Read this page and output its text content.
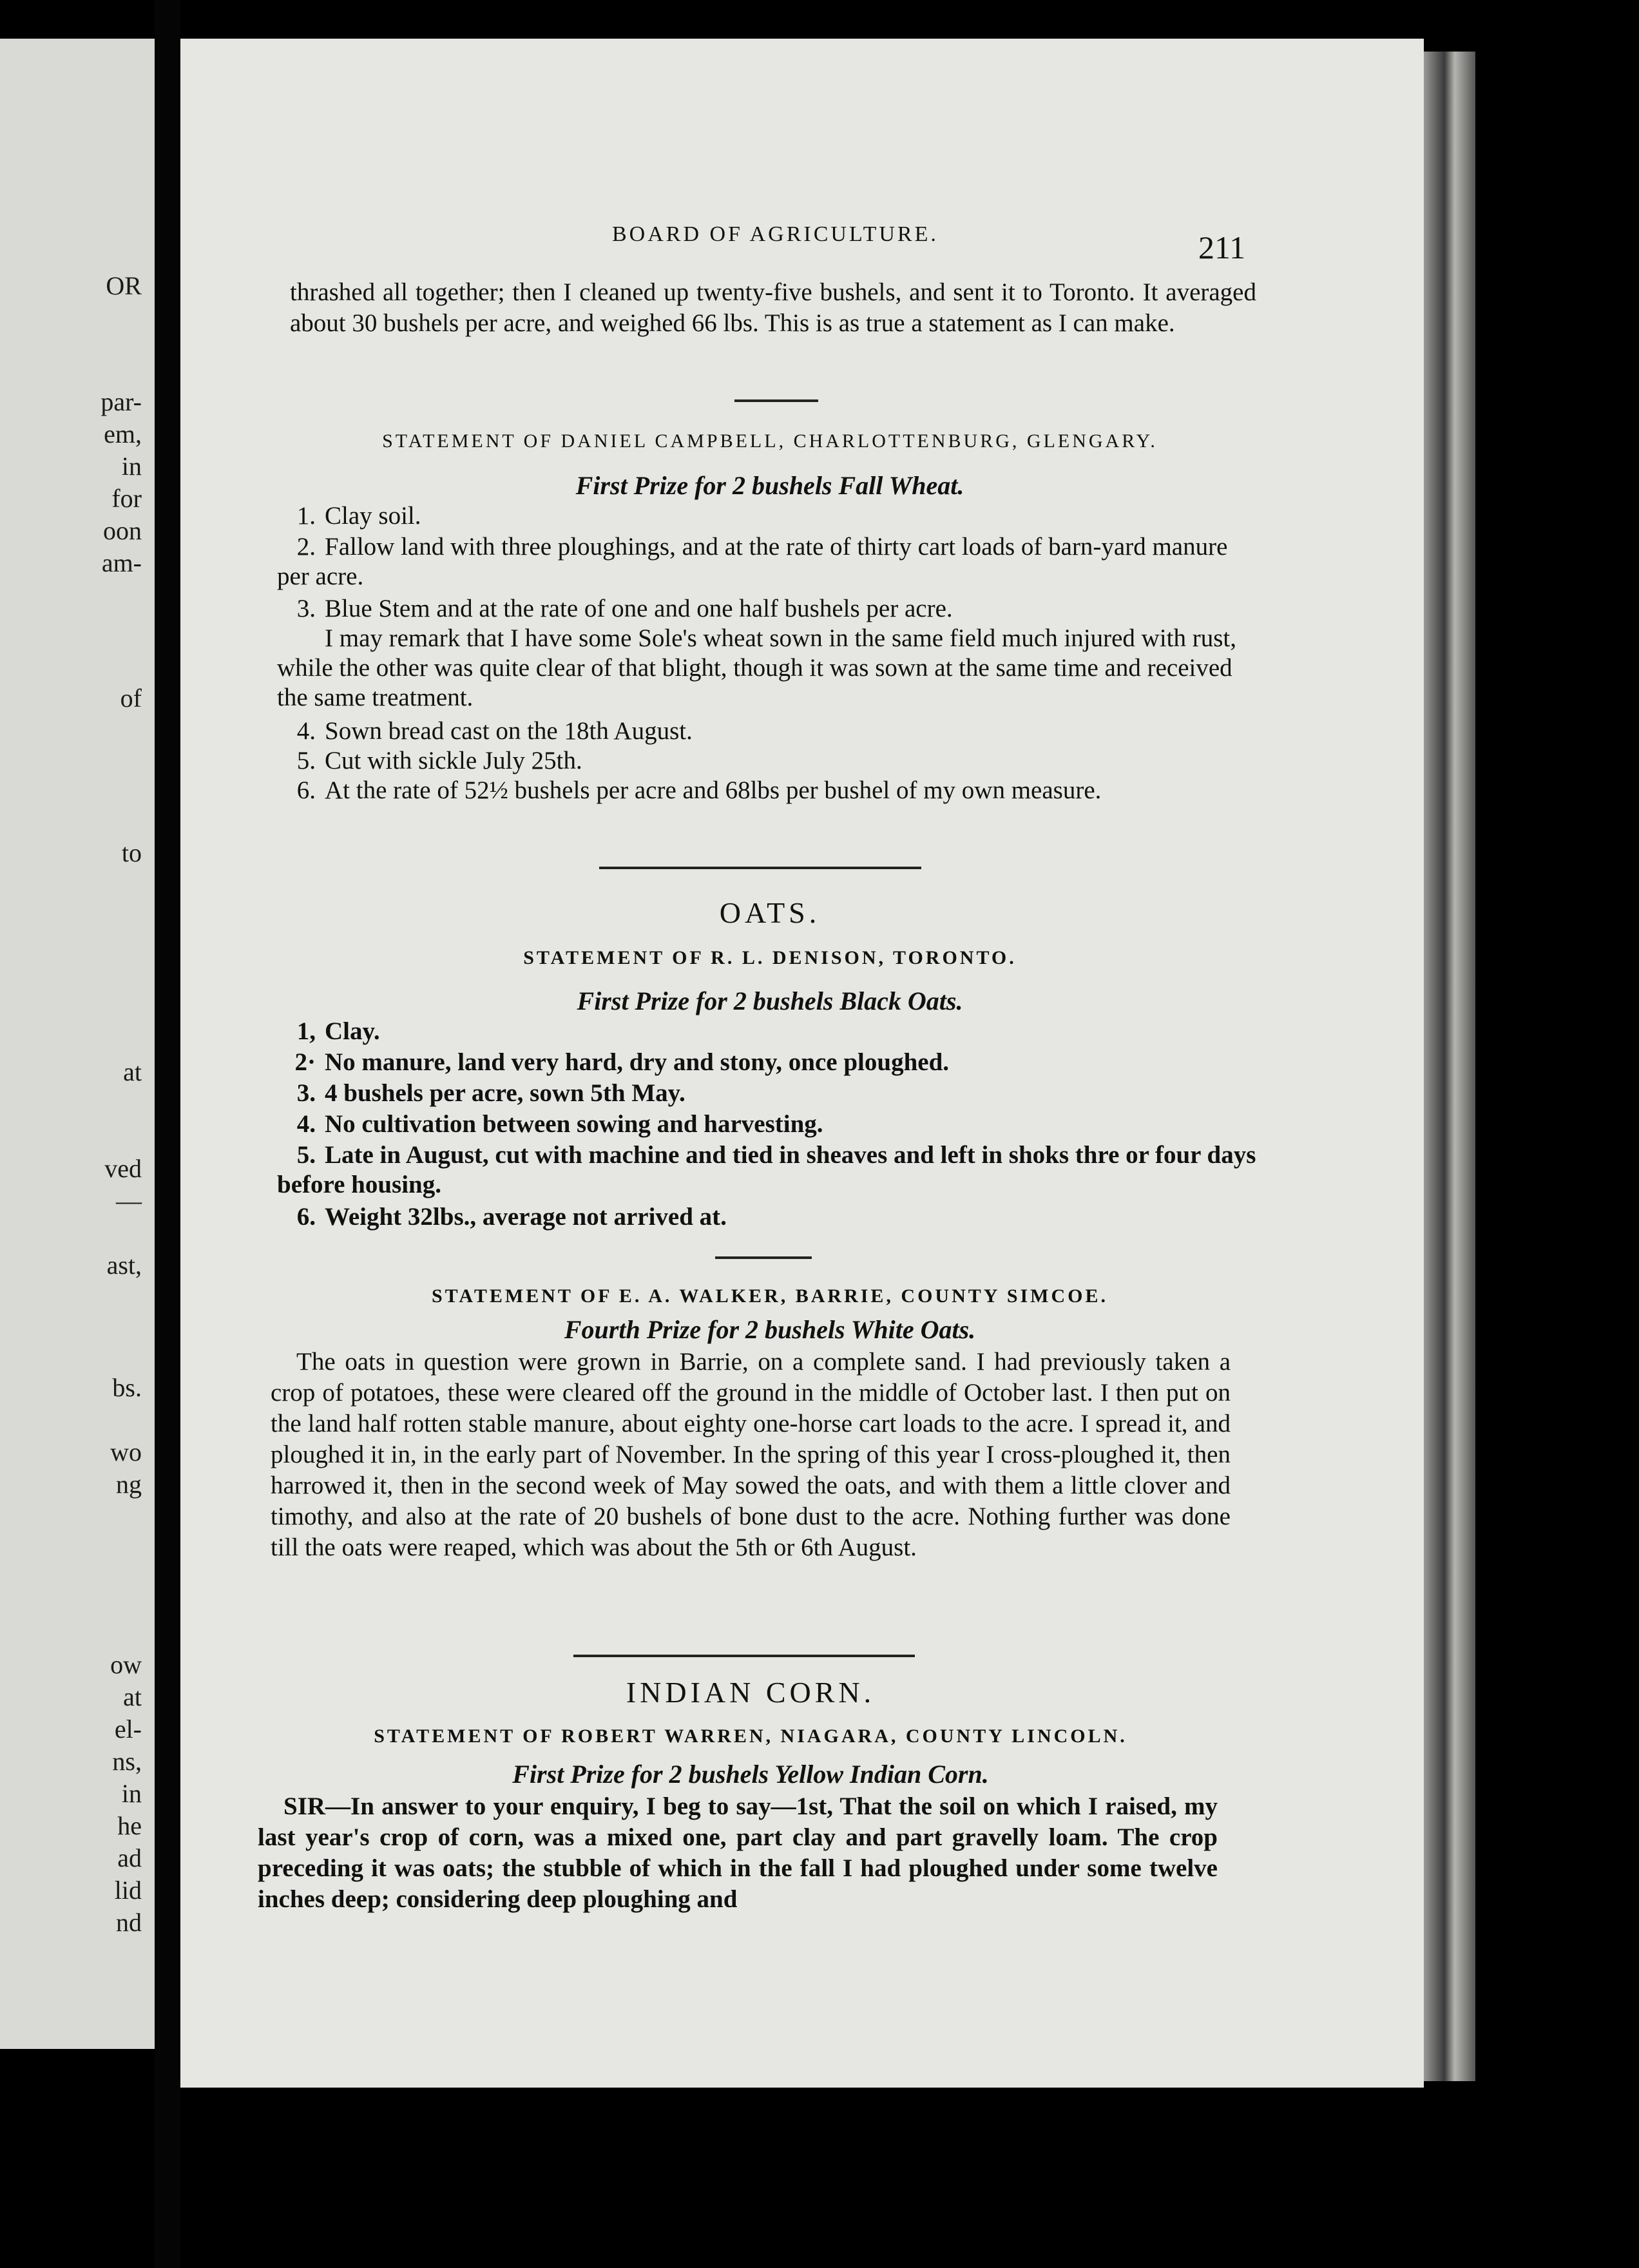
OR
par-
em,
in
for
oon
am-
of
to
at
ved
—
ast,
bs.
wo
ng
ow
at
el-
ns,
in
he
ad
lid
nd
BOARD OF AGRICULTURE.	211
thrashed all together; then I cleaned up twenty-five bushels, and sent it to Toronto. It averaged about 30 bushels per acre, and weighed 66 lbs. This is as true a statement as I can make.
STATEMENT OF DANIEL CAMPBELL, CHARLOTTENBURG, GLENGARY.
First Prize for 2 bushels Fall Wheat.
1. Clay soil.
2. Fallow land with three ploughings, and at the rate of thirty cart loads of barn-yard manure per acre.
3. Blue Stem and at the rate of one and one half bushels per acre.
I may remark that I have some Sole's wheat sown in the same field much injured with rust, while the other was quite clear of that blight, though it was sown at the same time and received the same treatment.
4. Sown bread cast on the 18th August.
5. Cut with sickle July 25th.
6. At the rate of 52½ bushels per acre and 68lbs per bushel of my own measure.
OATS.
STATEMENT OF R. L. DENISON, TORONTO.
First Prize for 2 bushels Black Oats.
1, Clay.
2· No manure, land very hard, dry and stony, once ploughed.
3. 4 bushels per acre, sown 5th May.
4. No cultivation between sowing and harvesting.
5. Late in August, cut with machine and tied in sheaves and left in shoks thre or four days before housing.
6. Weight 32lbs., average not arrived at.
STATEMENT OF E. A. WALKER, BARRIE, COUNTY SIMCOE.
Fourth Prize for 2 bushels White Oats.
The oats in question were grown in Barrie, on a complete sand. I had previously taken a crop of potatoes, these were cleared off the ground in the middle of October last. I then put on the land half rotten stable manure, about eighty one-horse cart loads to the acre. I spread it, and ploughed it in, in the early part of November. In the spring of this year I cross-ploughed it, then harrowed it, then in the second week of May sowed the oats, and with them a little clover and timothy, and also at the rate of 20 bushels of bone dust to the acre. Nothing further was done till the oats were reaped, which was about the 5th or 6th August.
INDIAN CORN.
STATEMENT OF ROBERT WARREN, NIAGARA, COUNTY LINCOLN.
First Prize for 2 bushels Yellow Indian Corn.
SIR—In answer to your enquiry, I beg to say—1st, That the soil on which I raised, my last year's crop of corn, was a mixed one, part clay and part gravelly loam. The crop preceding it was oats; the stubble of which in the fall I had ploughed under some twelve inches deep; considering deep ploughing and
